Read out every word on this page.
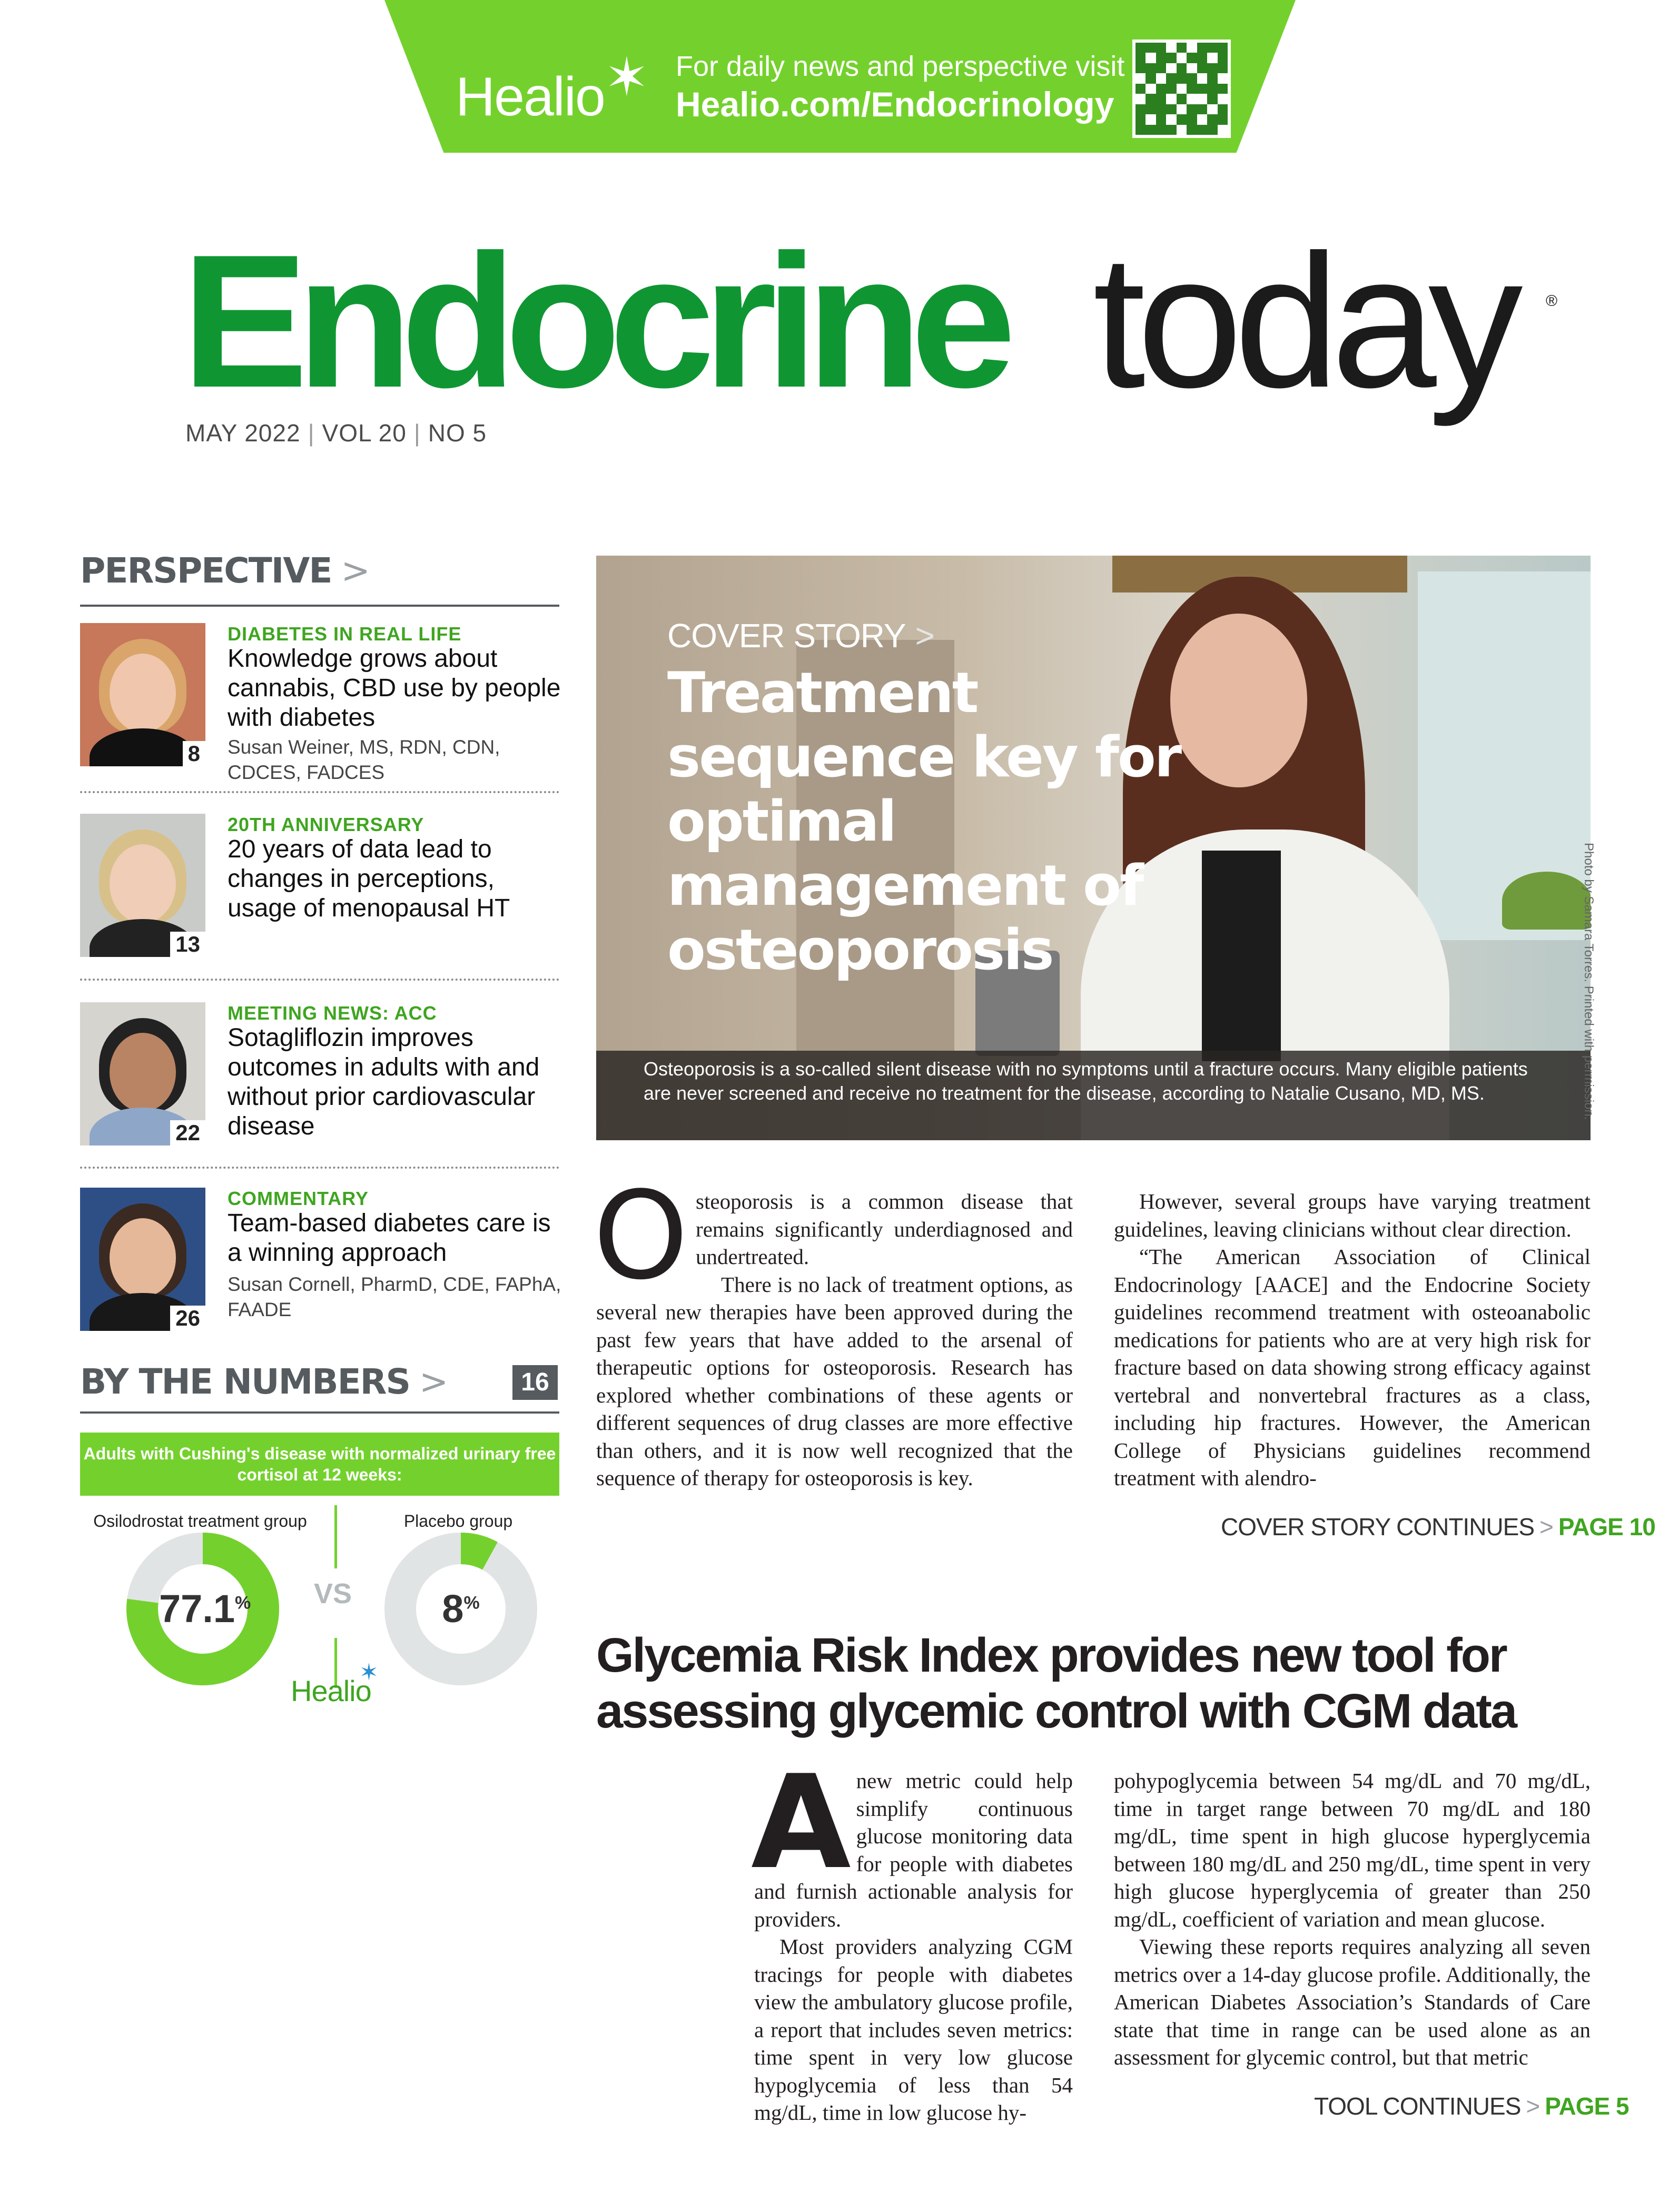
Healio ✶ For daily news and perspective visit
Healio.com/Endocrinology
Endocrine today ®
MAY 2022 | VOL 20 | NO 5
PERSPECTIVE >
8
DIABETES IN REAL LIFE
Knowledge grows about cannabis, CBD use by people with diabetes
Susan Weiner, MS, RDN, CDN, CDCES, FADCES
13
20TH ANNIVERSARY
20 years of data lead to changes in perceptions, usage of menopausal HT
22
MEETING NEWS: ACC
Sotagliflozin improves outcomes in adults with and without prior cardiovascular disease
26
COMMENTARY
Team-based diabetes care is a winning approach
Susan Cornell, PharmD, CDE, FAPhA, FAADE
BY THE NUMBERS >	16
Adults with Cushing's disease with normalized urinary free cortisol at 12 weeks:
Osilodrostat treatment group	Placebo group
VS
77.1%	8%
Healio
✶
COVER STORY >
Treatment sequence key for optimal management of osteoporosis
Osteoporosis is a so-called silent disease with no symptoms until a fracture occurs. Many eligible patients are never screened and receive no treatment for the disease, according to Natalie Cusano, MD, MS.	Photo by Samara Torres. Printed with permission.

Osteoporosis is a common disease that remains significantly underdiagnosed and undertreated.

There is no lack of treatment options, as several new therapies have been approved during the past few years that have added to the arsenal of therapeutic options for osteoporosis. Research has explored whether combinations of these agents or different sequences of drug classes are more effective than others, and it is now well recognized that the sequence of therapy for osteoporosis is key.

However, several groups have varying treatment guidelines, leaving clinicians without clear direction.

“The American Association of Clinical Endocrinology [AACE] and the Endocrine Society guidelines recommend treatment with osteoanabolic medications for patients who are at very high risk for fracture based on data showing strong efficacy against vertebral and nonvertebral fractures as a class, including hip fractures. However, the American College of Physicians guidelines recommend treatment with alendro-

COVER STORY CONTINUES > PAGE 10
Glycemia Risk Index provides new tool for assessing glycemic control with CGM data

Anew metric could help simplify continuous glucose monitoring data for people with diabetes and furnish actionable analysis for providers.

Most providers analyzing CGM tracings for people with diabetes view the ambulatory glucose profile, a report that includes seven metrics: time spent in very low glucose hypoglycemia of less than 54 mg/dL, time in low glucose hy-

pohypoglycemia between 54 mg/dL and 70 mg/dL, time in target range between 70 mg/dL and 180 mg/dL, time spent in high glucose hyperglycemia between 180 mg/dL and 250 mg/dL, time spent in very high glucose hyperglycemia of greater than 250 mg/dL, coefficient of variation and mean glucose.

Viewing these reports requires analyzing all seven metrics over a 14-day glucose profile. Additionally, the American Diabetes Association’s Standards of Care state that time in range can be used alone as an assessment for glycemic control, but that metric

TOOL CONTINUES > PAGE 5
